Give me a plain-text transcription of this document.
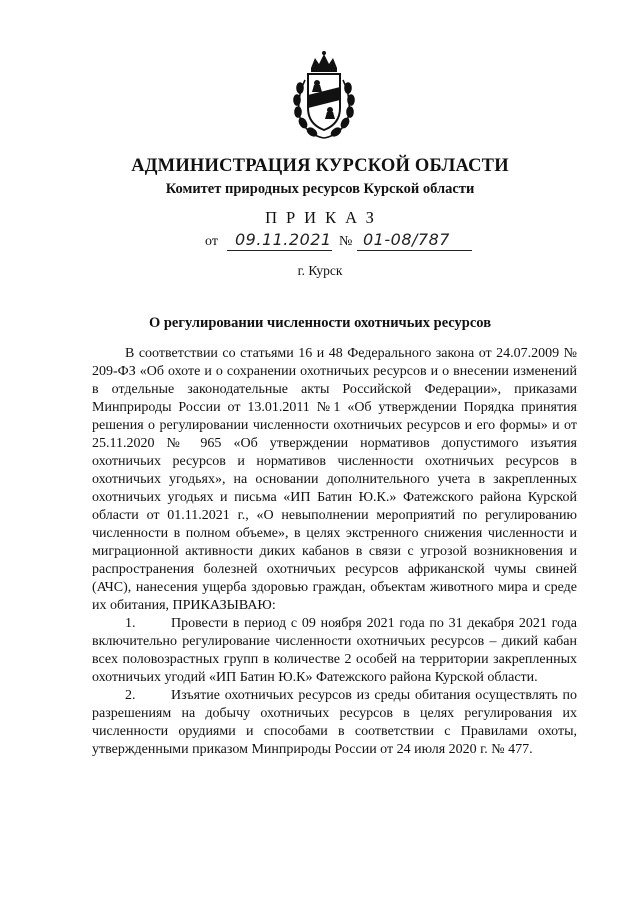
АДМИНИСТРАЦИЯ КУРСКОЙ ОБЛАСТИ
Комитет природных ресурсов Курской области
ПРИКАЗ
от 09.11.2021 № 01-08/787
г. Курск
О регулировании численности охотничьих ресурсов

В соответствии со статьями 16 и 48 Федерального закона от 24.07.2009 № 209-ФЗ «Об охоте и о сохранении охотничьих ресурсов и о внесении изменений в отдельные законодательные акты Российской Федерации», приказами Минприроды России от 13.01.2011 №1 «Об утверждении Порядка принятия решения о регулировании численности охотничьих ресурсов и его формы» и от 25.11.2020 № 965 «Об утверждении нормативов допустимого изъятия охотничьих ресурсов и нормативов численности охотничьих ресурсов в охотничьих угодьях», на основании дополнительного учета в закрепленных охотничьих угодьях и письма «ИП Батин Ю.К.» Фатежского района Курской области от 01.11.2021 г., «О невыполнении мероприятий по регулированию численности в полном объеме», в целях экстренного снижения численности и миграционной активности диких кабанов в связи с угрозой возникновения и распространения болезней охотничьих ресурсов африканской чумы свиней (АЧС), нанесения ущерба здоровью граждан, объектам животного мира и среде их обитания, ПРИКАЗЫВАЮ:

1.	Провести в период с 09 ноября 2021 года по 31 декабря 2021 года включительно регулирование численности охотничьих ресурсов – дикий кабан всех половозрастных групп в количестве 2 особей на территории закрепленных охотничьих угодий «ИП Батин Ю.К» Фатежского района Курской области.

2.	Изъятие охотничьих ресурсов из среды обитания осуществлять по разрешениям на добычу охотничьих ресурсов в целях регулирования их численности орудиями и способами в соответствии с Правилами охоты, утвержденными приказом Минприроды России от 24 июля 2020 г. № 477.
